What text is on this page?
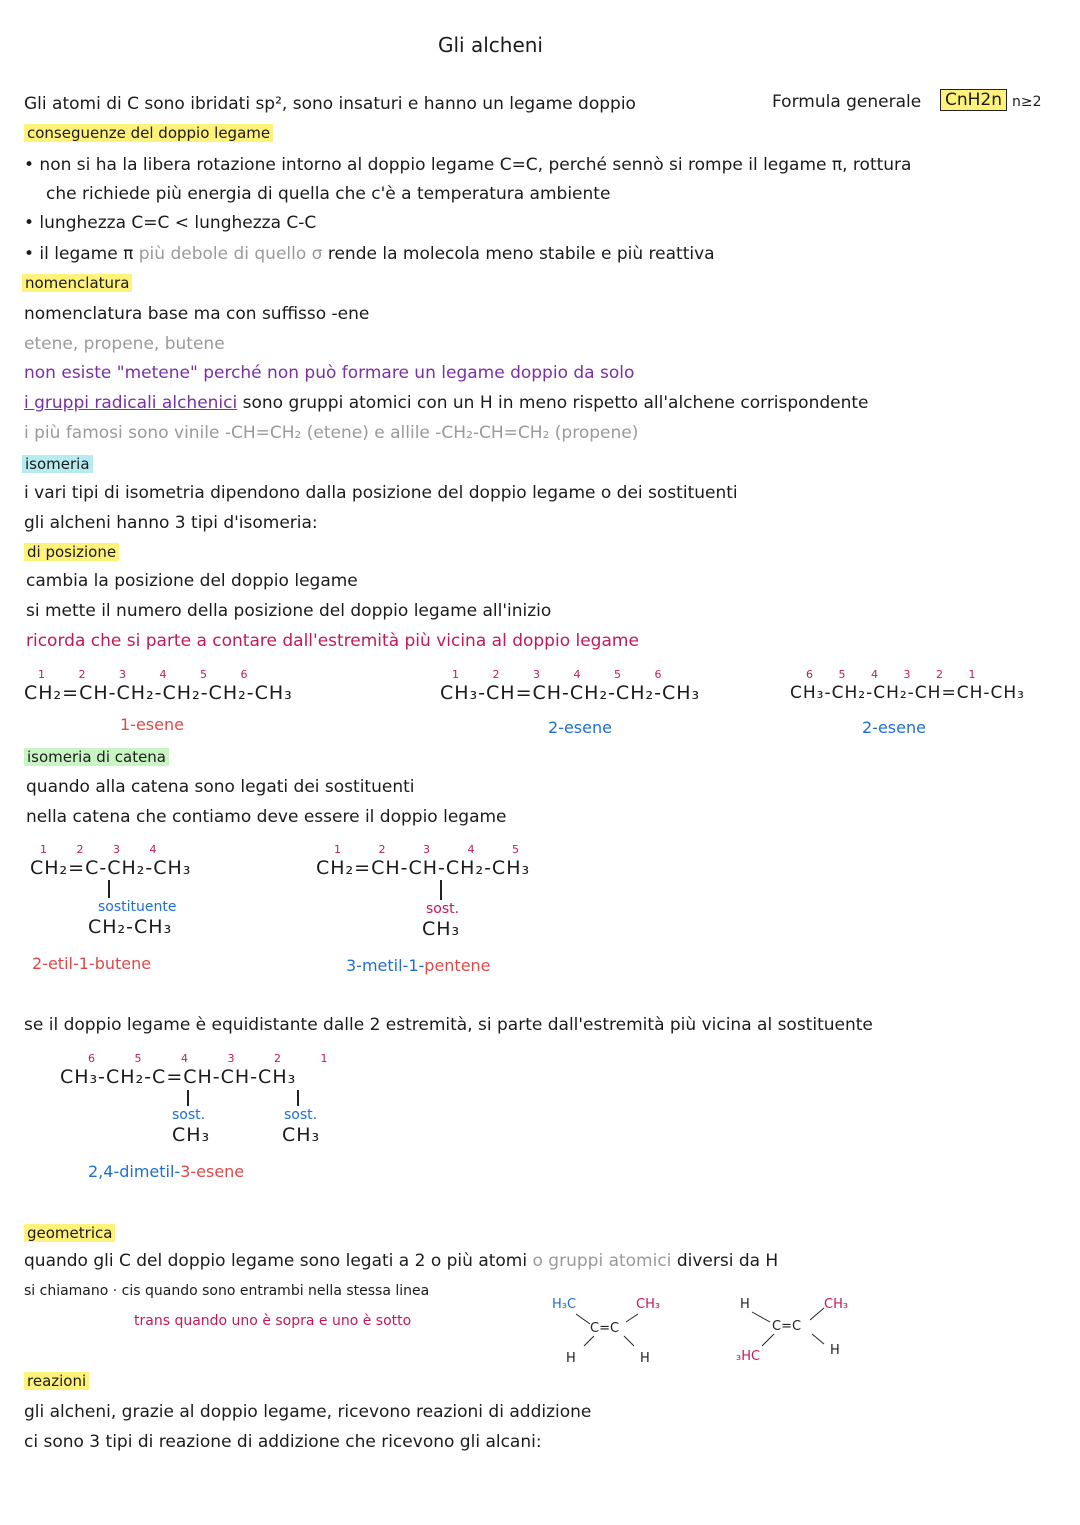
Gli alcheni
Gli atomi di C sono ibridati sp², sono insaturi e hanno un legame doppio	Formula generale CnH2n n≥2
conseguenze del doppio legame
• non si ha la libera rotazione intorno al doppio legame C=C, perché sennò si rompe il legame π, rottura
che richiede più energia di quella che c'è a temperatura ambiente
• lunghezza C=C < lunghezza C-C
• il legame π più debole di quello σ rende la molecola meno stabile e più reattiva
nomenclatura
nomenclatura base ma con suffisso -ene
etene, propene, butene
non esiste "metene" perché non può formare un legame doppio da solo
i gruppi radicali alchenici sono gruppi atomici con un H in meno rispetto all'alchene corrispondente
i più famosi sono vinile -CH=CH₂ (etene) e allile -CH₂-CH=CH₂ (propene)
isomeria
i vari tipi di isometria dipendono dalla posizione del doppio legame o dei sostituenti
gli alcheni hanno 3 tipi d'isomeria:
di posizione
cambia la posizione del doppio legame
si mette il numero della posizione del doppio legame all'inizio
ricorda che si parte a contare dall'estremità più vicina al doppio legame
1 2 3 4 5 6
CH₂=CH-CH₂-CH₂-CH₂-CH₃
1-esene
1 2 3 4 5 6
CH₃-CH=CH-CH₂-CH₂-CH₃
2-esene
6 5 4 3 2 1
CH₃-CH₂-CH₂-CH=CH-CH₃
2-esene
isomeria di catena
quando alla catena sono legati dei sostituenti
nella catena che contiamo deve essere il doppio legame
1 2 3 4
CH₂=C-CH₂-CH₃
sostituente
CH₂-CH₃
2-etil-1-butene
1 2 3 4 5
CH₂=CH-CH-CH₂-CH₃
sost.
CH₃
3-metil-1-pentene
se il doppio legame è equidistante dalle 2 estremità, si parte dall'estremità più vicina al sostituente
6 5 4 3 2 1
CH₃-CH₂-C=CH-CH-CH₃
sost.	sost.
CH₃	CH₃
2,4-dimetil-3-esene
geometrica
quando gli C del doppio legame sono legati a 2 o più atomi o gruppi atomici diversi da H
si chiamano · cis quando sono entrambi nella stessa linea
trans quando uno è sopra e uno è sotto
H₃C	CH₃
C=C
H	H
H	CH₃
C=C
₃HC	H
reazioni
gli alcheni, grazie al doppio legame, ricevono reazioni di addizione
ci sono 3 tipi di reazione di addizione che ricevono gli alcani:
